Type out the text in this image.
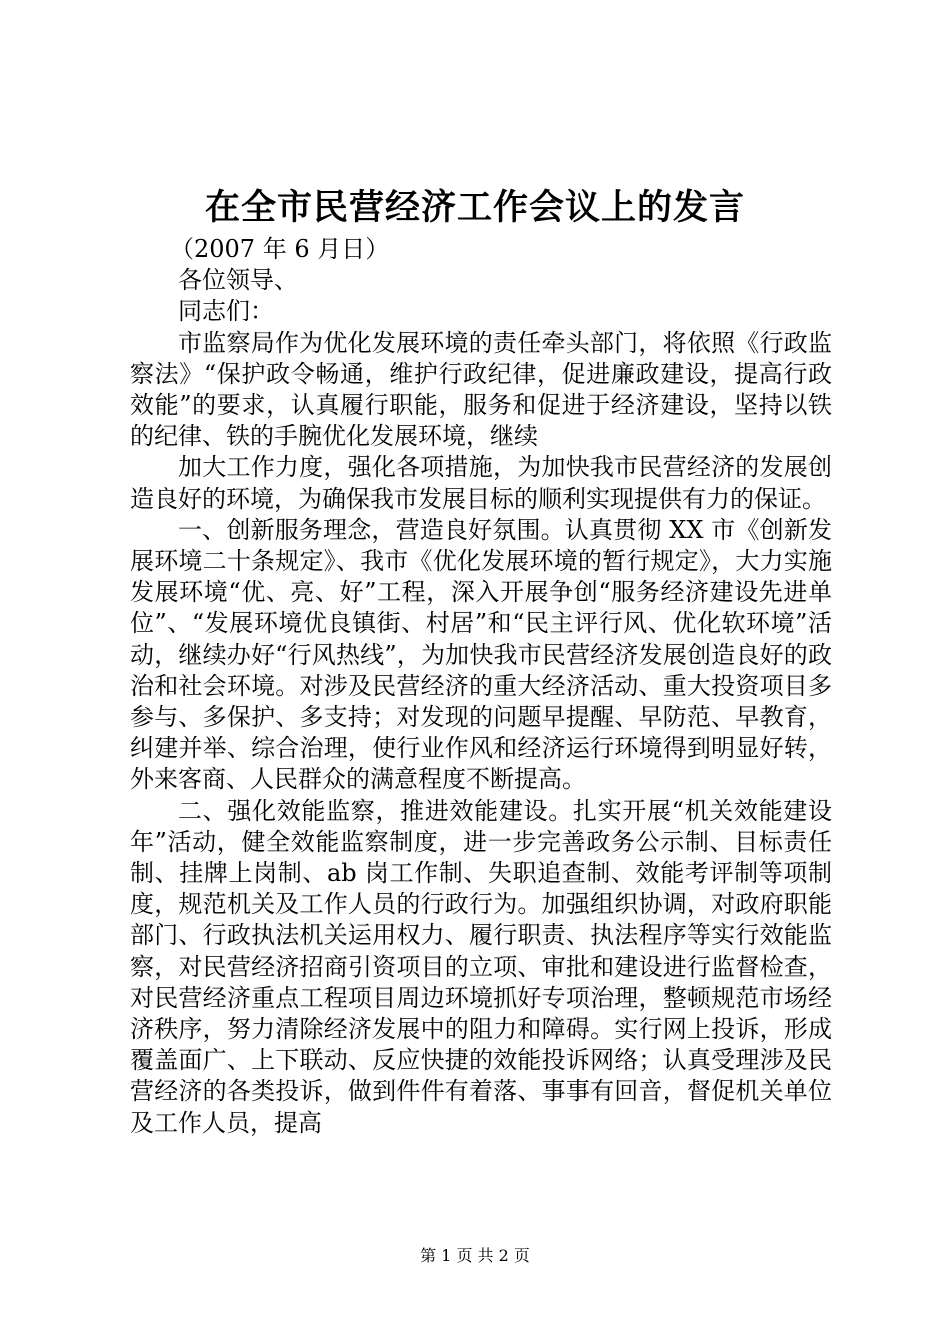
在全市民营经济工作会议上的发言

（2007 年 6 月日）

各位领导、

同志们：

市监察局作为优化发展环境的责任牵头部门，将依照《行政监察法》“保护政令畅通，维护行政纪律，促进廉政建设，提高行政效能”的要求，认真履行职能，服务和促进于经济建设，坚持以铁的纪律、铁的手腕优化发展环境，继续

加大工作力度，强化各项措施，为加快我市民营经济的发展创造良好的环境，为确保我市发展目标的顺利实现提供有力的保证。

一、创新服务理念，营造良好氛围。认真贯彻 XX 市《创新发展环境二十条规定》、我市《优化发展环境的暂行规定》，大力实施发展环境“优、亮、好”工程，深入开展争创“服务经济建设先进单位”、“发展环境优良镇街、村居”和“民主评行风、优化软环境”活动，继续办好“行风热线”，为加快我市民营经济发展创造良好的政治和社会环境。对涉及民营经济的重大经济活动、重大投资项目多参与、多保护、多支持；对发现的问题早提醒、早防范、早教育，纠建并举、综合治理，使行业作风和经济运行环境得到明显好转，外来客商、人民群众的满意程度不断提高。

二、强化效能监察，推进效能建设。扎实开展“机关效能建设年”活动，健全效能监察制度，进一步完善政务公示制、目标责任制、挂牌上岗制、ab 岗工作制、失职追查制、效能考评制等项制度，规范机关及工作人员的行政行为。加强组织协调，对政府职能部门、行政执法机关运用权力、履行职责、执法程序等实行效能监察，对民营经济招商引资项目的立项、审批和建设进行监督检查，对民营经济重点工程项目周边环境抓好专项治理，整顿规范市场经济秩序，努力清除经济发展中的阻力和障碍。实行网上投诉，形成覆盖面广、上下联动、反应快捷的效能投诉网络；认真受理涉及民营经济的各类投诉，做到件件有着落、事事有回音，督促机关单位及工作人员，提高

第 1 页 共 2 页
